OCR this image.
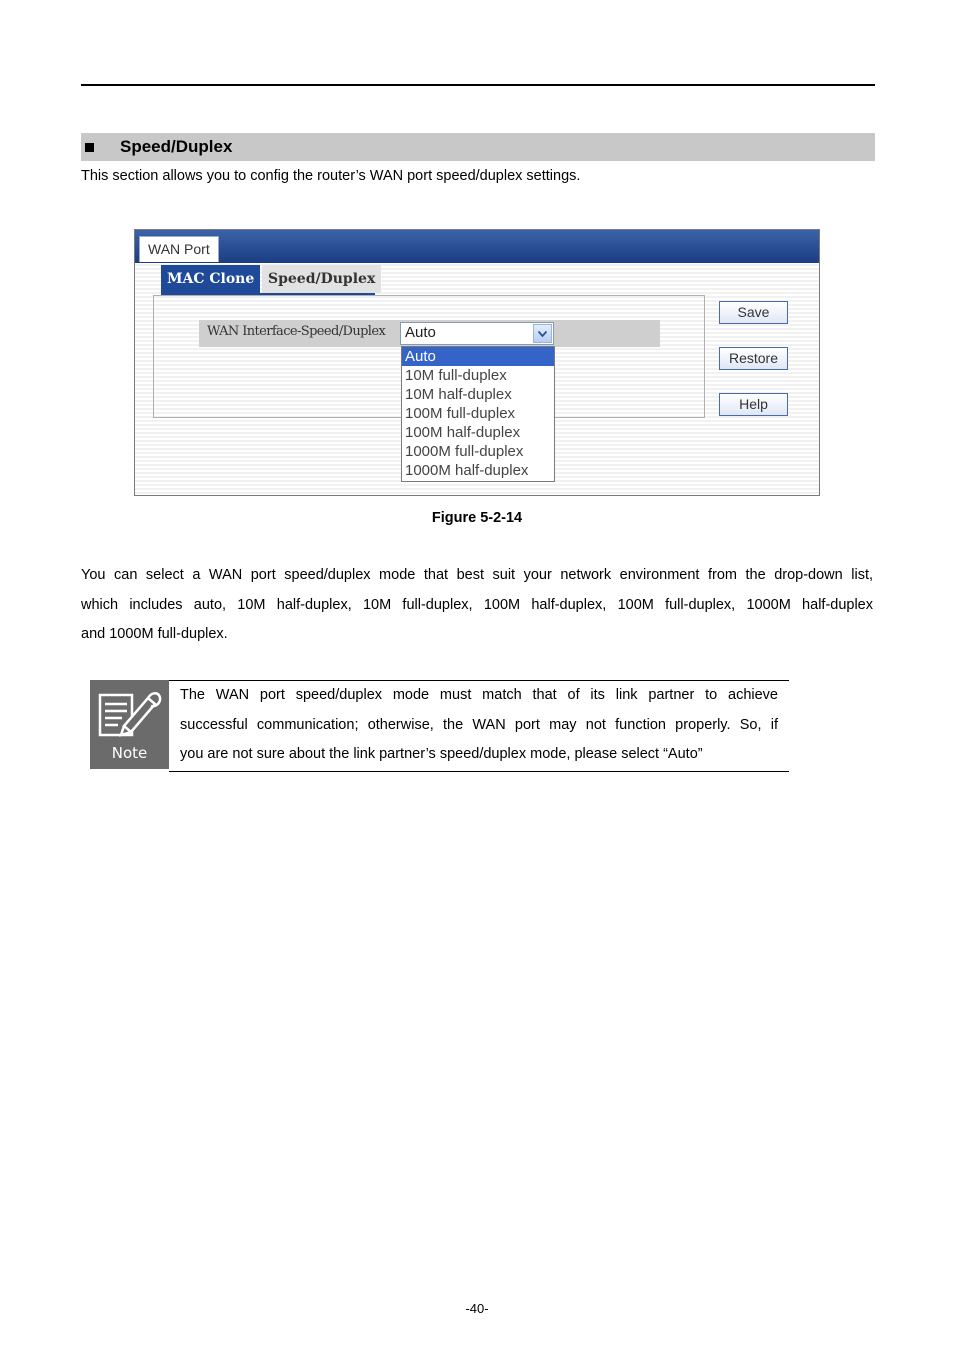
Speed/Duplex
This section allows you to config the router’s WAN port speed/duplex settings.
WAN Port
MAC Clone Speed/Duplex
WAN Interface-Speed/Duplex Auto
Auto
10M full-duplex
10M half-duplex
100M full-duplex
100M half-duplex
1000M full-duplex
1000M half-duplex
Save
Restore
Help
Figure 5-2-14
You can select a WAN port speed/duplex mode that best suit your network environment from the drop-down list,
which includes auto, 10M half-duplex, 10M full-duplex, 100M half-duplex, 100M full-duplex, 1000M half-duplex
and 1000M full-duplex.
Note
The WAN port speed/duplex mode must match that of its link partner to achieve
successful communication; otherwise, the WAN port may not function properly. So, if
you are not sure about the link partner’s speed/duplex mode, please select “Auto”
-40-
